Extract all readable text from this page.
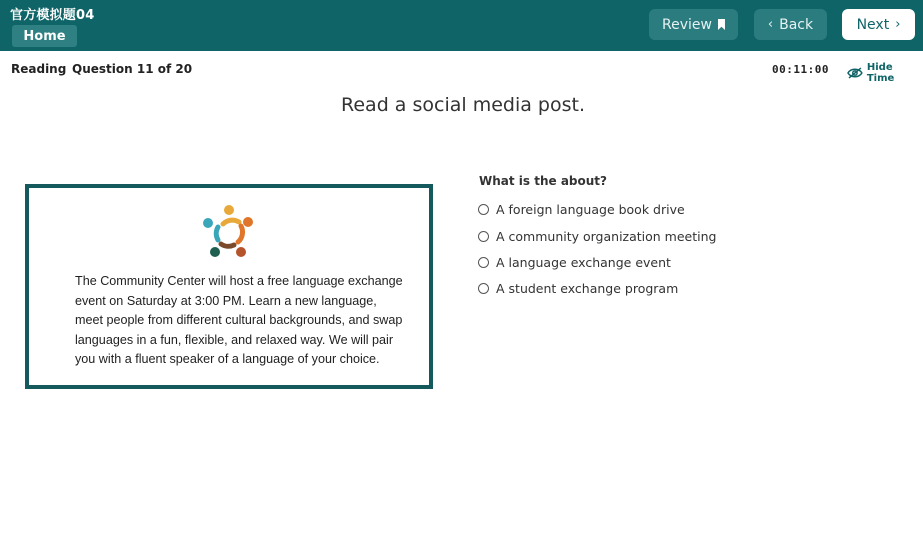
官方模拟题04
Home
Review	‹ Back	Next ›
Reading Question 11 of 20	00:11:00	Hide Time
Read a social media post.
The Community Center will host a free language exchange event on Saturday at 3:00 PM. Learn a new language, meet people from different cultural backgrounds, and swap languages in a fun, flexible, and relaxed way. We will pair you with a fluent speaker of a language of your choice.
What is the about?
A foreign language book drive
A community organization meeting
A language exchange event
A student exchange program
